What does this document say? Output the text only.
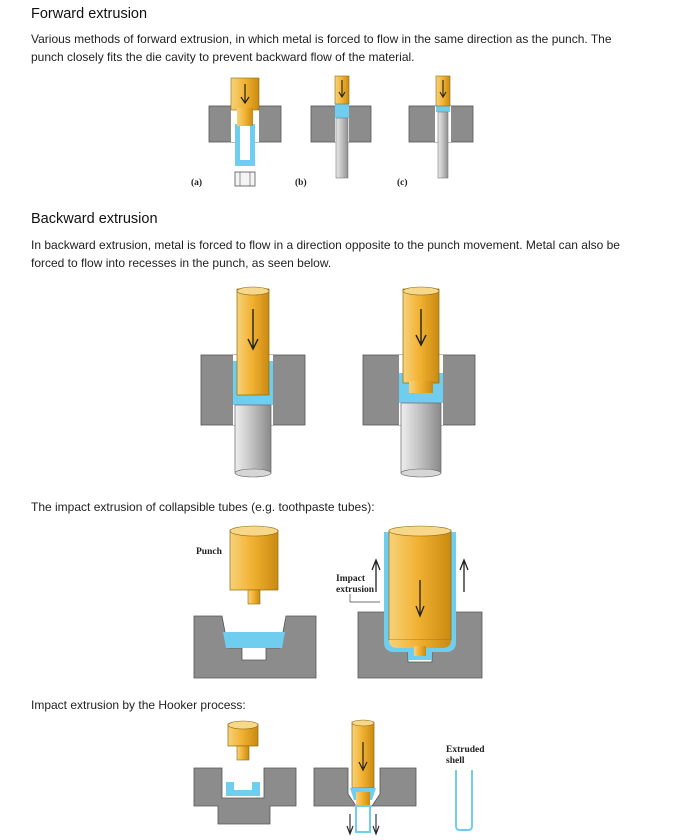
Forward extrusion

Various methods of forward extrusion, in which metal is forced to flow in the same direction as the punch. The punch closely fits the die cavity to prevent backward flow of the material.

(a)	(b)	(c)
Backward extrusion

In backward extrusion, metal is forced to flow in a direction opposite to the punch movement. Metal can also be forced to flow into recesses in the punch, as seen below.

The impact extrusion of collapsible tubes (e.g. toothpaste tubes):

Punch
Impact
extrusion

Impact extrusion by the Hooker process:

Extruded
shell
